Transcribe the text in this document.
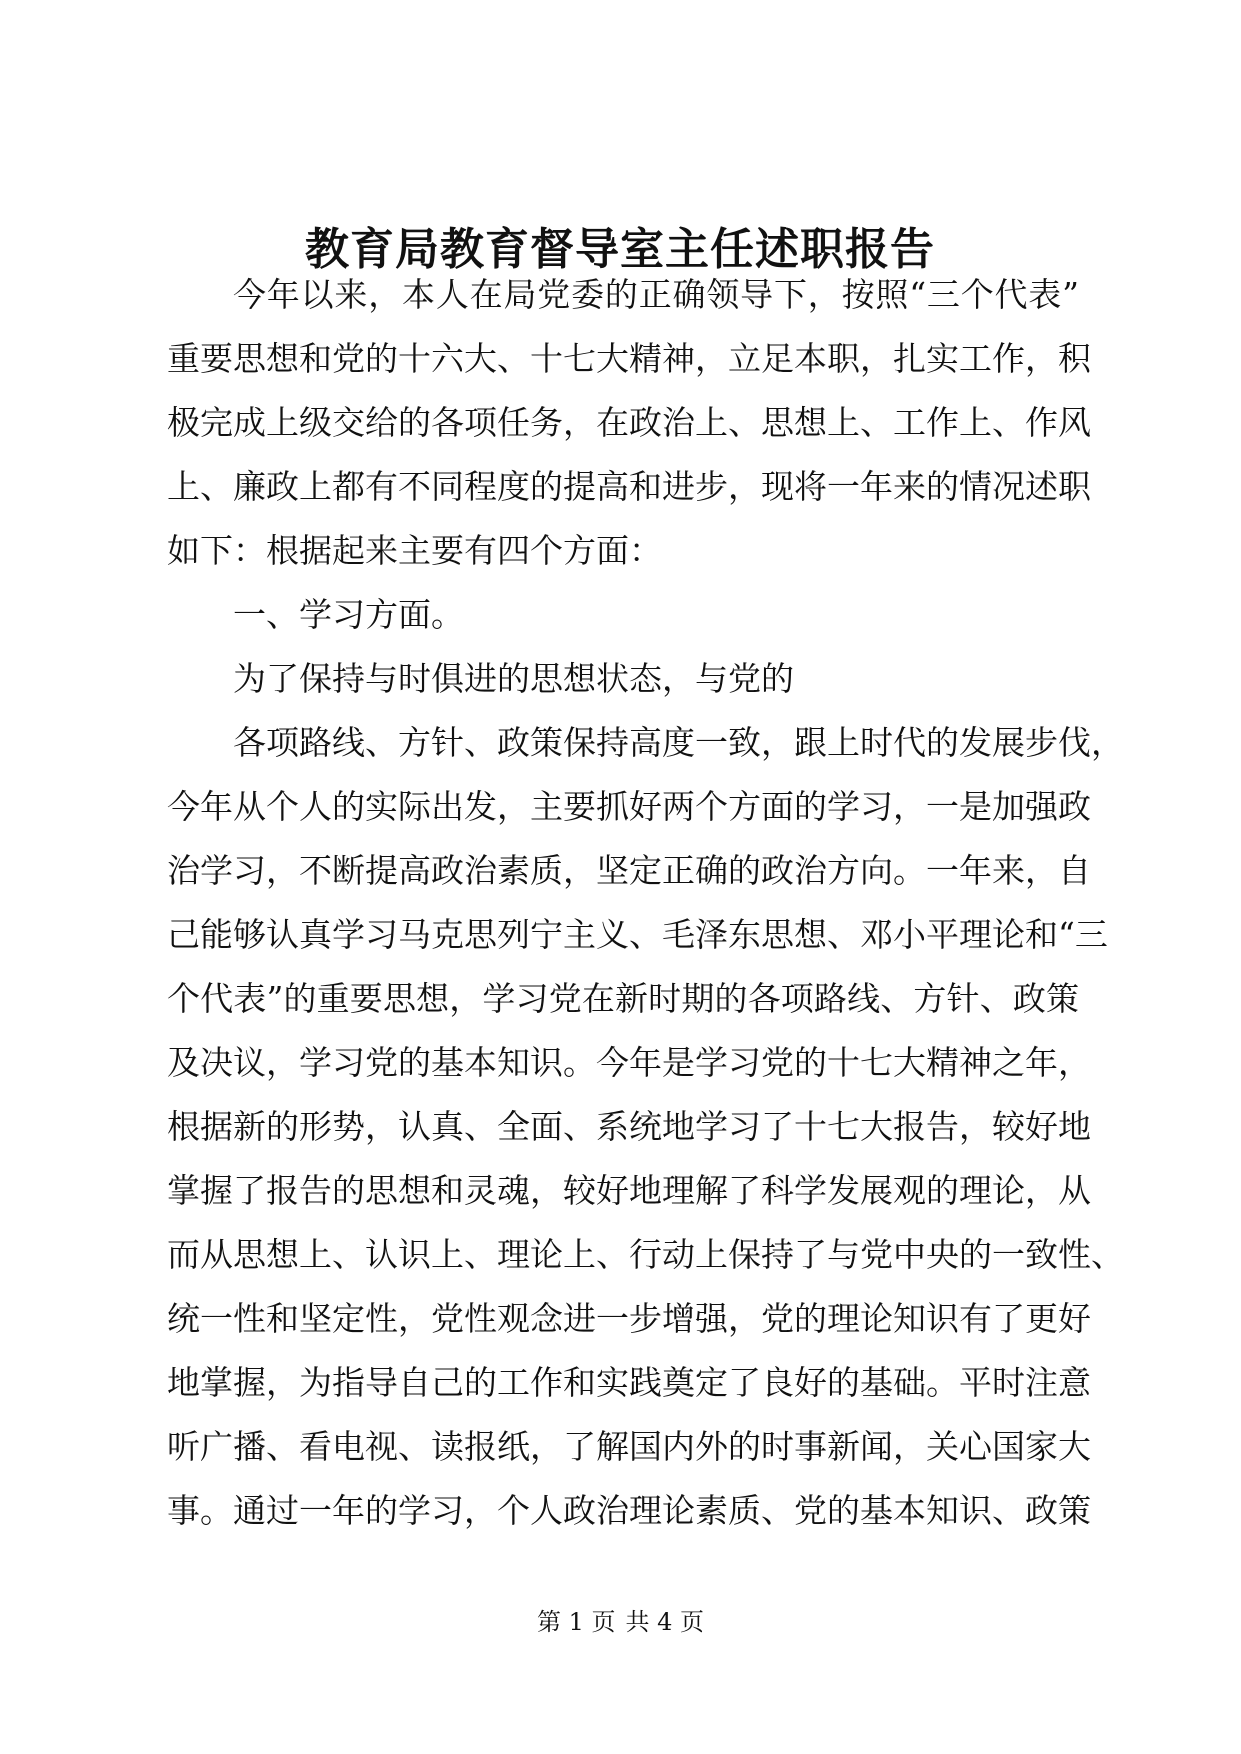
教育局教育督导室主任述职报告
今年以来，本人在局党委的正确领导下，按照“三个代表”
重要思想和党的十六大、十七大精神，立足本职，扎实工作，积
极完成上级交给的各项任务，在政治上、思想上、工作上、作风
上、廉政上都有不同程度的提高和进步，现将一年来的情况述职
如下：根据起来主要有四个方面：
一、学习方面。
为了保持与时俱进的思想状态，与党的
各项路线、方针、政策保持高度一致，跟上时代的发展步伐，
今年从个人的实际出发，主要抓好两个方面的学习，一是加强政
治学习，不断提高政治素质，坚定正确的政治方向。一年来，自
己能够认真学习马克思列宁主义、毛泽东思想、邓小平理论和“三
个代表”的重要思想，学习党在新时期的各项路线、方针、政策
及决议，学习党的基本知识。今年是学习党的十七大精神之年，
根据新的形势，认真、全面、系统地学习了十七大报告，较好地
掌握了报告的思想和灵魂，较好地理解了科学发展观的理论，从
而从思想上、认识上、理论上、行动上保持了与党中央的一致性、
统一性和坚定性，党性观念进一步增强，党的理论知识有了更好
地掌握，为指导自己的工作和实践奠定了良好的基础。平时注意
听广播、看电视、读报纸，了解国内外的时事新闻，关心国家大
事。通过一年的学习，个人政治理论素质、党的基本知识、政策
第 1 页 共 4 页
